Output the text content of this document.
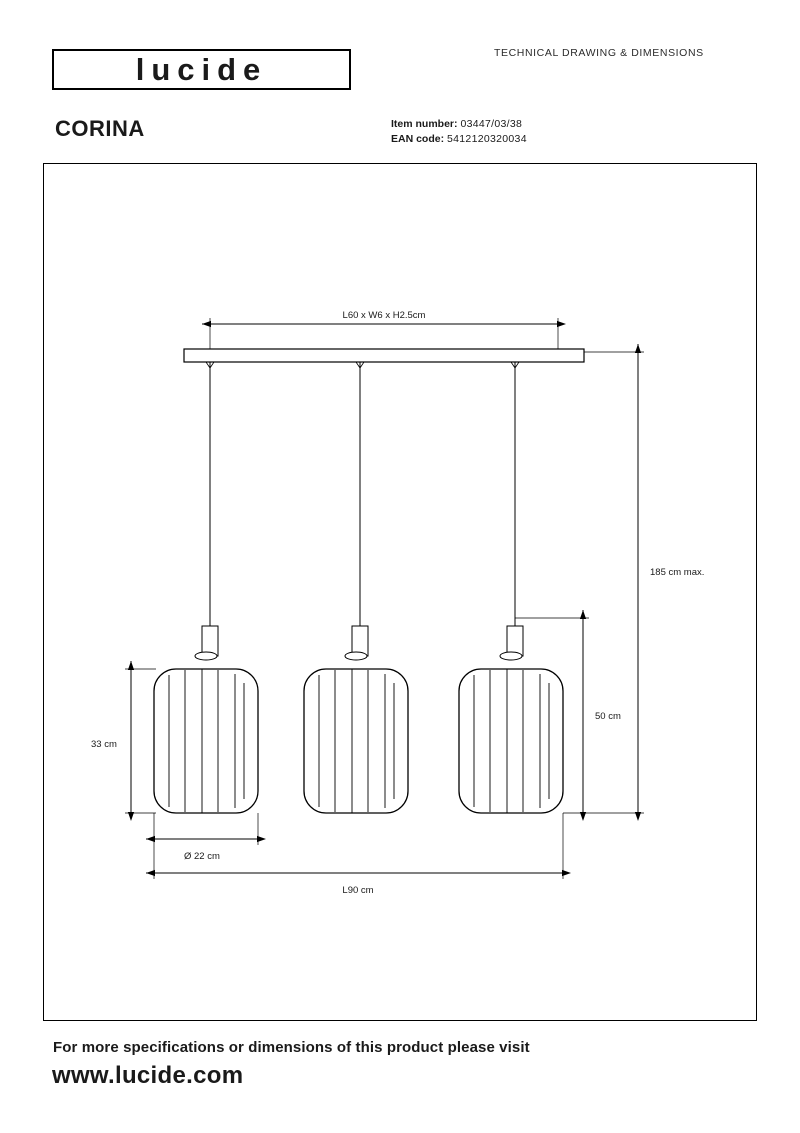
lucide	TECHNICAL DRAWING & DIMENSIONS
CORINA	Item number: 03447/03/38
EAN code: 5412120320034
L60 x W6 x H2.5cm
185 cm max.
50 cm
33 cm
Ø 22 cm
L90 cm
For more specifications or dimensions of this product please visit
www.lucide.com
